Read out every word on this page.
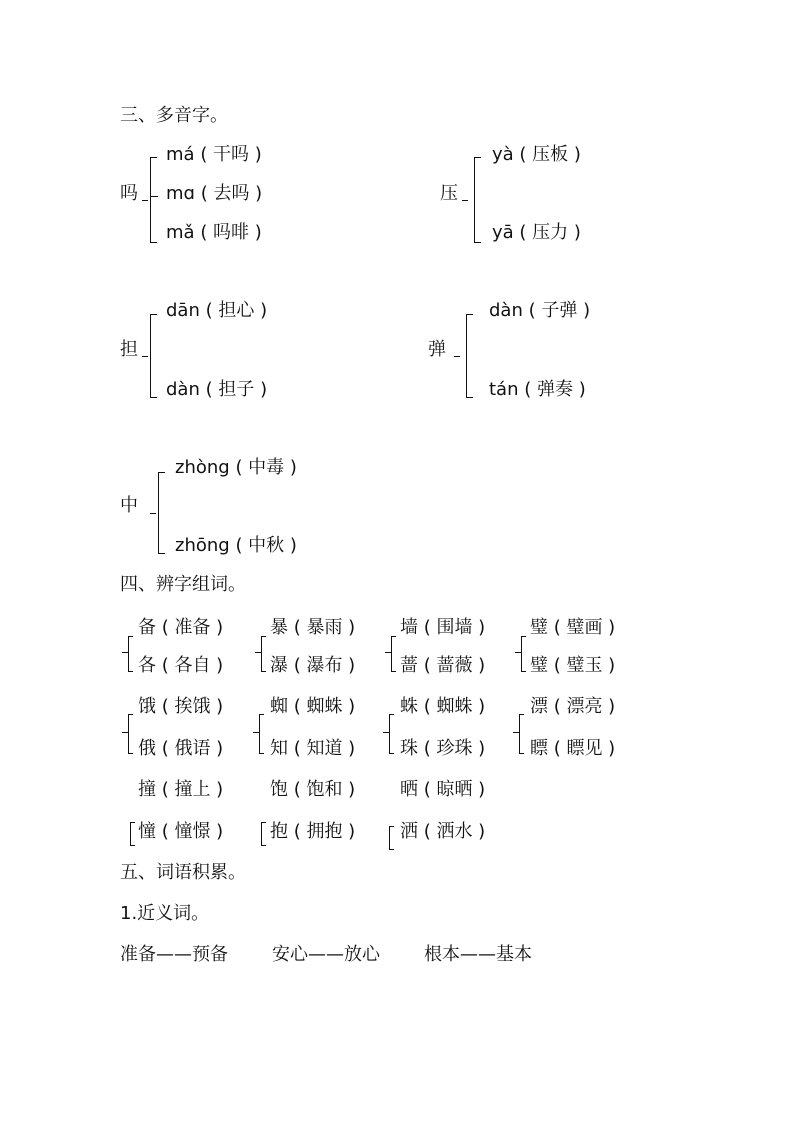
三、多音字。
吗
má ( 干吗 )
mɑ ( 去吗 )
mǎ ( 吗啡 )
压
yà ( 压板 )
yā ( 压力 )
担
dān ( 担心 )
dàn ( 担子 )
弹
dàn ( 子弹 )
tán ( 弹奏 )
中
zhòng ( 中毒 )
zhōng ( 中秋 )
四、辨字组词。
备 ( 准备 )
各 ( 各自 )
暴 ( 暴雨 )
瀑 ( 瀑布 )
墙 ( 围墙 )
蔷 ( 蔷薇 )
璧 ( 璧画 )
璧 ( 璧玉 )
饿 ( 挨饿 )
俄 ( 俄语 )
蜘 ( 蜘蛛 )
知 ( 知道 )
蛛 ( 蜘蛛 )
珠 ( 珍珠 )
漂 ( 漂亮 )
瞟 ( 瞟见 )
撞 ( 撞上 )
憧 ( 憧憬 )
饱 ( 饱和 )
抱 ( 拥抱 )
晒 ( 晾晒 )
洒 ( 洒水 )
五、词语积累。
1.近义词。
准备——预备 安心——放心 根本——基本
